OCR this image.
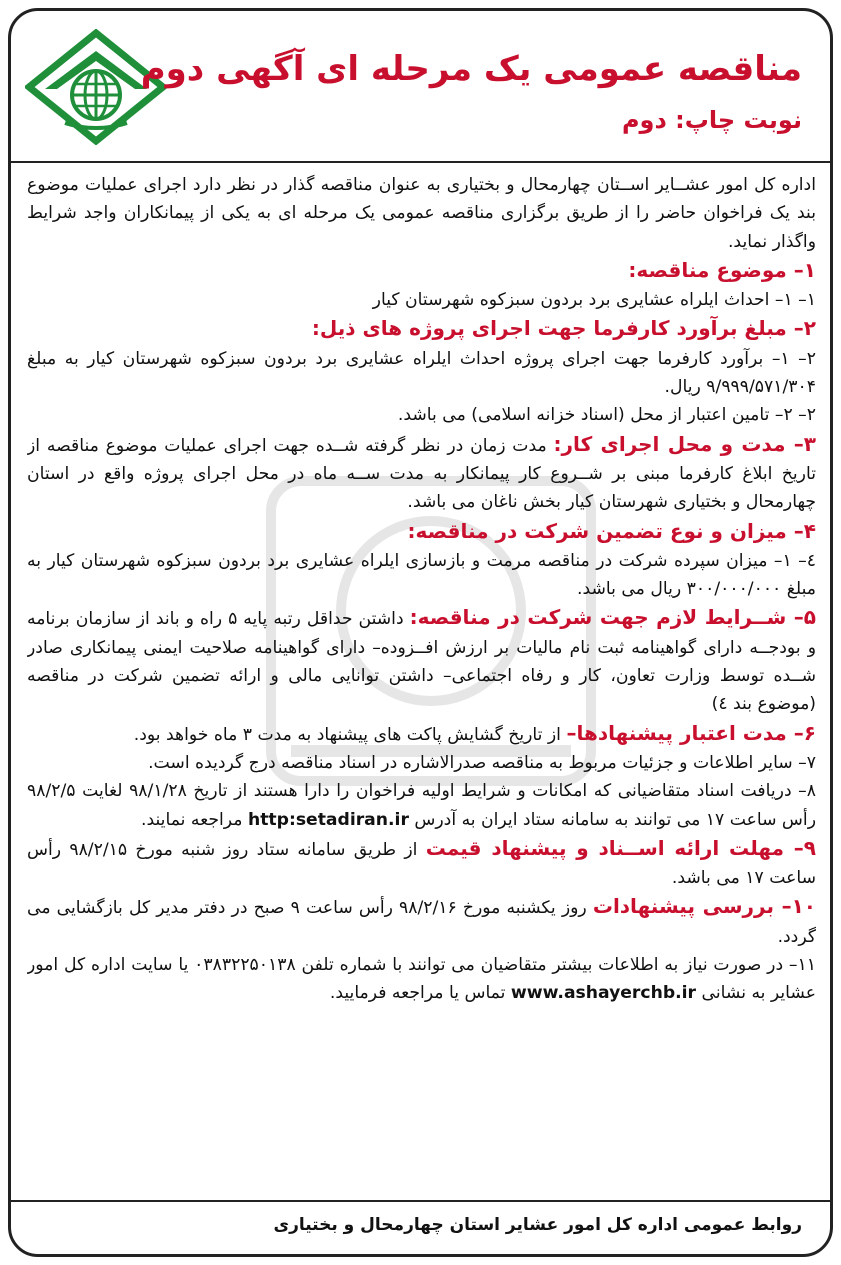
مناقصه عمومی یک مرحله ای آگهی دوم
نوبت چاپ: دوم

اداره کل امور عشــایر اســتان چهارمحال و بختیاری به عنوان مناقصه گذار در نظر دارد اجرای عملیات موضوع بند یک فراخوان حاضر را از طریق برگزاری مناقصه عمومی یک مرحله ای به یکی از پیمانکاران واجد شرایط واگذار نماید.

۱– موضوع مناقصه:

۱– ۱– احداث ایلراه عشایری برد بردون سبزکوه شهرستان کیار

۲– مبلغ برآورد کارفرما جهت اجرای پروژه های ذیل:

۲– ۱– برآورد کارفرما جهت اجرای پروژه احداث ایلراه عشایری برد بردون سبزکوه شهرستان کیار به مبلغ ۹/۹۹۹/۵۷۱/۳۰۴ ریال.

۲– ۲– تامین اعتبار از محل (اسناد خزانه اسلامی) می باشد.

۳– مدت و محل اجرای کار: مدت زمان در نظر گرفته شــده جهت اجرای عملیات موضوع مناقصه از تاریخ ابلاغ کارفرما مبنی بر شــروع کار پیمانکار به مدت ســه ماه در محل اجرای پروژه واقع در استان چهارمحال و بختیاری شهرستان کیار بخش ناغان می باشد.

۴– میزان و نوع تضمین شرکت در مناقصه:

٤– ١– میزان سپرده شرکت در مناقصه مرمت و بازسازی ایلراه عشایری برد بردون سبزکوه شهرستان کیار به مبلغ ۳۰۰/۰۰۰/۰۰۰ ریال می باشد.

۵– شــرایط لازم جهت شرکت در مناقصه: داشتن حداقل رتبه پایه ۵ راه و باند از سازمان برنامه و بودجــه دارای گواهینامه ثبت نام مالیات بر ارزش افــزوده– دارای گواهینامه صلاحیت ایمنی پیمانکاری صادر شــده توسط وزارت تعاون، کار و رفاه اجتماعی– داشتن توانایی مالی و ارائه تضمین شرکت در مناقصه (موضوع بند ٤)

۶– مدت اعتبار پیشنهادها– از تاریخ گشایش پاکت های پیشنهاد به مدت ۳ ماه خواهد بود.

۷– سایر اطلاعات و جزئیات مربوط به مناقصه صدرالاشاره در اسناد مناقصه درج گردیده است.

۸– دریافت اسناد متقاضیانی که امکانات و شرایط اولیه فراخوان را دارا هستند از تاریخ ۹۸/۱/۲۸ لغایت ۹۸/۲/۵ رأس ساعت ۱۷ می توانند به سامانه ستاد ایران به آدرس http:setadiran.ir مراجعه نمایند.

۹– مهلت ارائه اســناد و پیشنهاد قیمت از طریق سامانه ستاد روز شنبه مورخ ۹۸/۲/۱۵ رأس ساعت ۱۷ می باشد.

۱۰– بررسی پیشنهادات روز یکشنبه مورخ ۹۸/۲/۱۶ رأس ساعت ۹ صبح در دفتر مدیر کل بازگشایی می گردد.

۱۱– در صورت نیاز به اطلاعات بیشتر متقاضیان می توانند با شماره تلفن ۰۳۸۳۲۲۵۰۱۳۸ یا سایت اداره کل امور عشایر به نشانی www.ashayerchb.ir تماس یا مراجعه فرمایید.

روابط عمومی اداره کل امور عشایر استان چهارمحال و بختیاری
